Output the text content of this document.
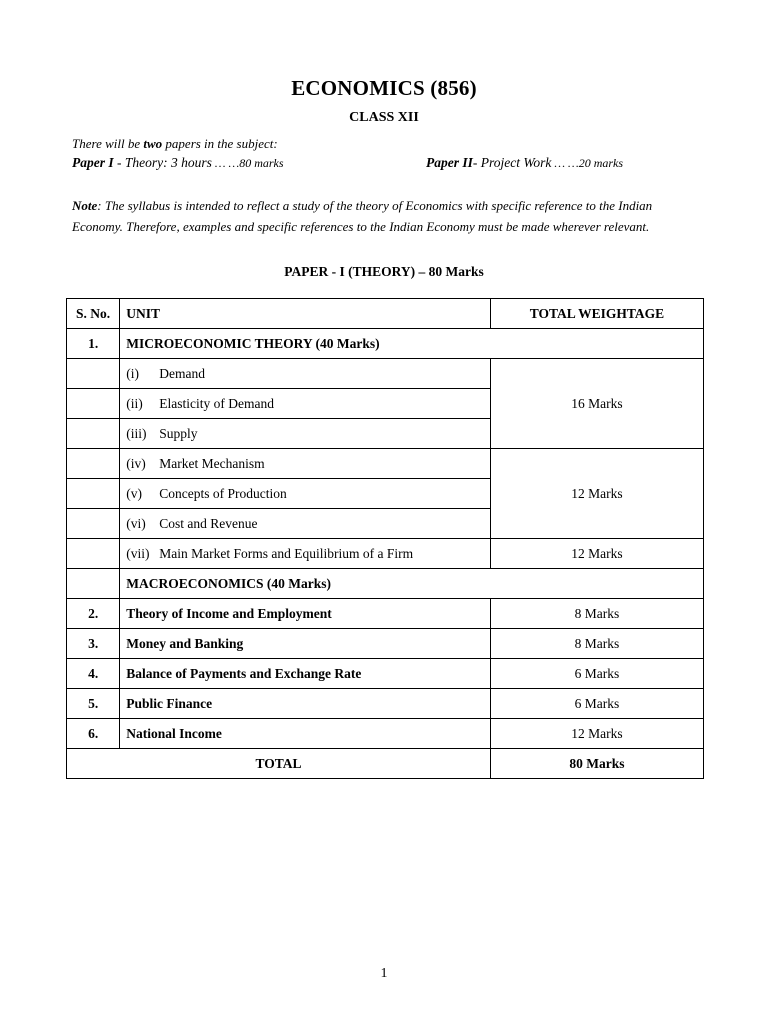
ECONOMICS (856)
CLASS XII
There will be two papers in the subject:
Paper I - Theory: 3 hours … …80 marks	Paper II- Project Work … …20 marks
Note: The syllabus is intended to reflect a study of the theory of Economics with specific reference to the Indian Economy. Therefore, examples and specific references to the Indian Economy must be made wherever relevant.
PAPER - I (THEORY) – 80 Marks
S. No.	UNIT	TOTAL WEIGHTAGE
1.	MICROECONOMIC THEORY (40 Marks)	
	(i) Demand	16 Marks
	(ii) Elasticity of Demand	
	(iii) Supply	
	(iv) Market Mechanism	12 Marks
	(v) Concepts of Production	
	(vi) Cost and Revenue	
	(vii) Main Market Forms and Equilibrium of a Firm	12 Marks
	MACROECONOMICS (40 Marks)	
2.	Theory of Income and Employment	8 Marks
3.	Money and Banking	8 Marks
4.	Balance of Payments and Exchange Rate	6 Marks
5.	Public Finance	6 Marks
6.	National Income	12 Marks
TOTAL		80 Marks
1
